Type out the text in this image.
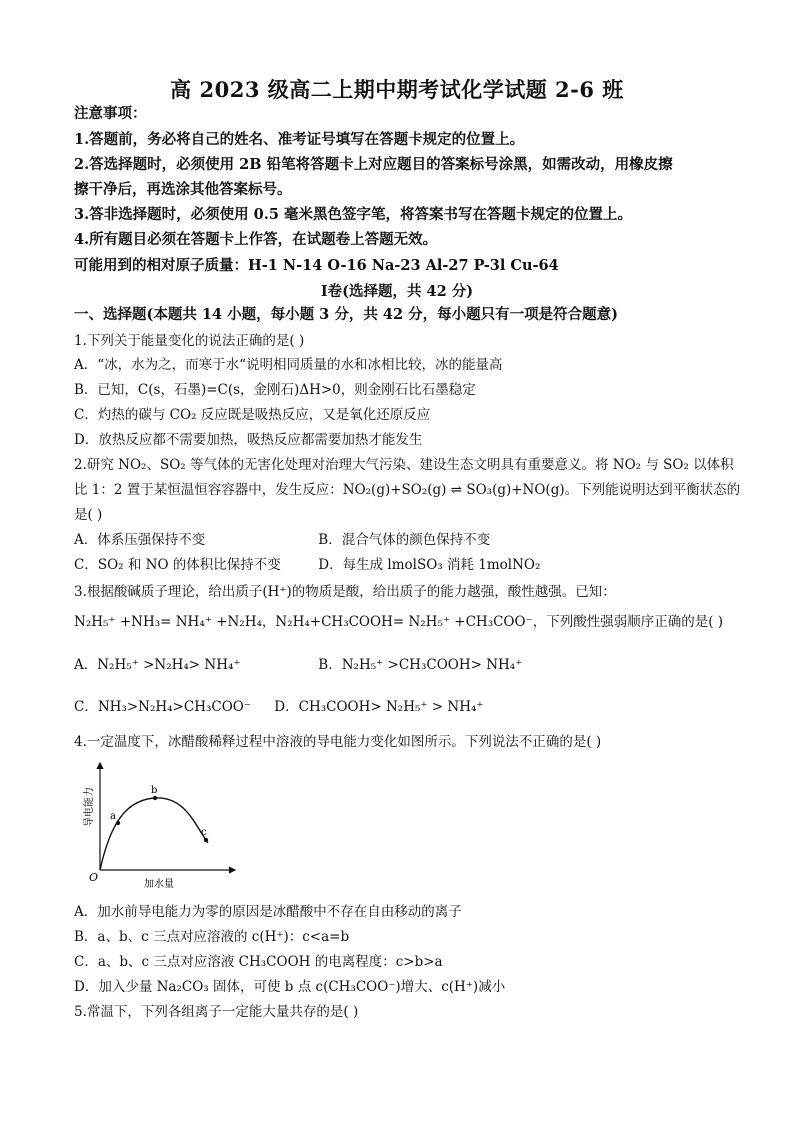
高 2023 级高二上期中期考试化学试题 2-6 班
注意事项：
1.答题前，务必将自己的姓名、准考证号填写在答题卡规定的位置上。
2.答选择题时，必须使用 2B 铅笔将答题卡上对应题目的答案标号涂黑，如需改动，用橡皮擦
擦干净后，再选涂其他答案标号。
3.答非选择题时，必须使用 0.5 毫米黑色签字笔，将答案书写在答题卡规定的位置上。
4.所有题目必须在答题卡上作答，在试题卷上答题无效。
可能用到的相对原子质量：H-1 N-14 O-16 Na-23 Al-27 P-3l Cu-64
Ⅰ卷(选择题，共 42 分)
一、选择题(本题共 14 小题，每小题 3 分，共 42 分，每小题只有一项是符合题意)
1.下列关于能量变化的说法正确的是( )
A．“冰，水为之，而寒于水“说明相同质量的水和冰相比较，冰的能量高
B．已知，C(s，石墨)=C(s，金刚石)ΔH>0，则金刚石比石墨稳定
C．灼热的碳与 CO₂ 反应既是吸热反应，又是氧化还原反应
D．放热反应都不需要加热，吸热反应都需要加热才能发生
2.研究 NO₂、SO₂ 等气体的无害化处理对治理大气污染、建设生态文明具有重要意义。将 NO₂ 与 SO₂ 以体积
比 1：2 置于某恒温恒容容器中，发生反应：NO₂(g)+SO₂(g) ⇌ SO₃(g)+NO(g)。下列能说明达到平衡状态的
是( )
A．体系压强保持不变	B．混合气体的颜色保持不变
C．SO₂ 和 NO 的体积比保持不变	D．每生成 lmolSO₃ 消耗 1molNO₂
3.根据酸碱质子理论，给出质子(H⁺)的物质是酸，给出质子的能力越强，酸性越强。已知：
N₂H₅⁺ +NH₃= NH₄⁺ +N₂H₄，N₂H₄+CH₃COOH= N₂H₅⁺ +CH₃COO⁻，下列酸性强弱顺序正确的是( )
A．N₂H₅⁺ >N₂H₄> NH₄⁺	B．N₂H₅⁺ >CH₃COOH> NH₄⁺
C．NH₃>N₂H₄>CH₃COO⁻ D．CH₃COOH> N₂H₅⁺ > NH₄⁺
4.一定温度下，冰醋酸稀释过程中溶液的导电能力变化如图所示。下列说法不正确的是( )
a
b
c
O
加水量
导电能力
A．加水前导电能力为零的原因是冰醋酸中不存在自由移动的离子
B．a、b、c 三点对应溶液的 c(H⁺)：c<a=b
C．a、b、c 三点对应溶液 CH₃COOH 的电离程度：c>b>a
D．加入少量 Na₂CO₃ 固体，可使 b 点 c(CH₃COO⁻)增大、c(H⁺)减小
5.常温下，下列各组离子一定能大量共存的是( )
